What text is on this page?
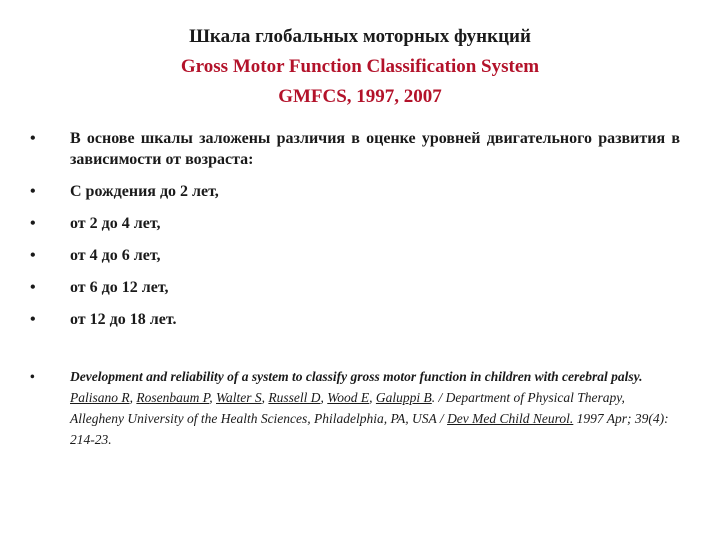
Шкала глобальных моторных функций
Gross Motor Function Classification System
GMFCS, 1997, 2007
• В основе шкалы заложены различия в оценке уровней двигательного развития в зависимости от возраста:
• С рождения до 2 лет,
• от 2 до 4 лет,
• от 4 до 6 лет,
• от 6 до 12 лет,
• от 12 до 18 лет.
•	Development and reliability of a system to classify gross motor function in children with cerebral palsy. Palisano R, Rosenbaum P, Walter S, Russell D, Wood E, Galuppi B. / Department of Physical Therapy, Allegheny University of the Health Sciences, Philadelphia, PA, USA / Dev Med Child Neurol. 1997 Apr; 39(4): 214-23.
